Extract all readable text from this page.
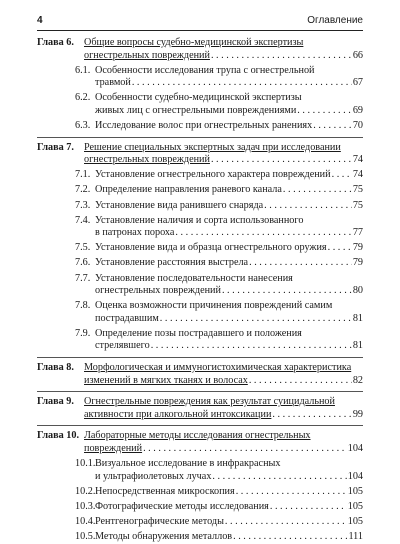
4	Оглавление
Глава 6. Общие вопросы судебно-медицинской экспертизы
огнестрельных повреждений . . .	66
6.1. Особенности исследования трупа с огнестрельной
травмой . . .	67
6.2. Особенности судебно-медицинской экспертизы
живых лиц с огнестрельными повреждениями . . .	69
6.3. Исследование волос при огнестрельных ранениях . . .	70
Глава 7. Решение специальных экспертных задач при исследовании
огнестрельных повреждений . . .	74
7.1. Установление огнестрельного характера повреждений . . . 74
7.2. Определение направления раневого канала . . .	75
7.3. Установление вида ранившего снаряда . . .	75
7.4. Установление наличия и сорта использованного
в патронах пороха . . .	77
7.5. Установление вида и образца огнестрельного оружия . . .	79
7.6. Установление расстояния выстрела . . .	79
7.7. Установление последовательности нанесения
огнестрельных повреждений . . .	80
7.8. Оценка возможности причинения повреждений самим
пострадавшим . . .	81
7.9. Определение позы пострадавшего и положения
стрелявшего . . .	81
Глава 8. Морфологическая и иммуногистохимическая характеристика
изменений в мягких тканях и волосах . . .	82
Глава 9. Огнестрельные повреждения как результат суицидальной
активности при алкогольной интоксикации . . .	99
Глава 10. Лабораторные методы исследования огнестрельных
повреждений . . .	104
10.1. Визуальное исследование в инфракрасных
и ультрафиолетовых лучах . . .	104
10.2. Непосредственная микроскопия . . .	105
10.3. Фотографические методы исследования . . .	105
10.4. Рентгенографические методы . . .	105
10.5. Методы обнаружения металлов . . .	111
